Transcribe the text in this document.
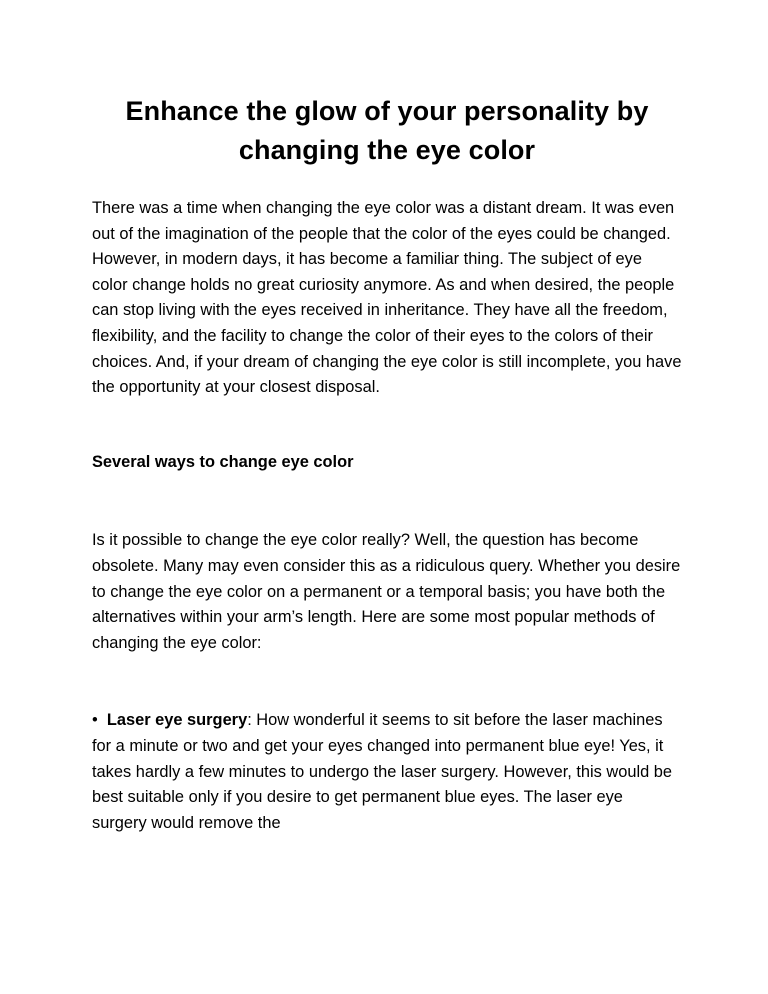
Enhance the glow of your personality by changing the eye color

There was a time when changing the eye color was a distant dream. It was even out of the imagination of the people that the color of the eyes could be changed. However, in modern days, it has become a familiar thing. The subject of eye color change holds no great curiosity anymore. As and when desired, the people can stop living with the eyes received in inheritance. They have all the freedom, flexibility, and the facility to change the color of their eyes to the colors of their choices. And, if your dream of changing the eye color is still incomplete, you have the opportunity at your closest disposal.

Several ways to change eye color

Is it possible to change the eye color really? Well, the question has become obsolete. Many may even consider this as a ridiculous query. Whether you desire to change the eye color on a permanent or a temporal basis; you have both the alternatives within your arm’s length. Here are some most popular methods of changing the eye color:

• Laser eye surgery: How wonderful it seems to sit before the laser machines for a minute or two and get your eyes changed into permanent blue eye! Yes, it takes hardly a few minutes to undergo the laser surgery. However, this would be best suitable only if you desire to get permanent blue eyes. The laser eye surgery would remove the
